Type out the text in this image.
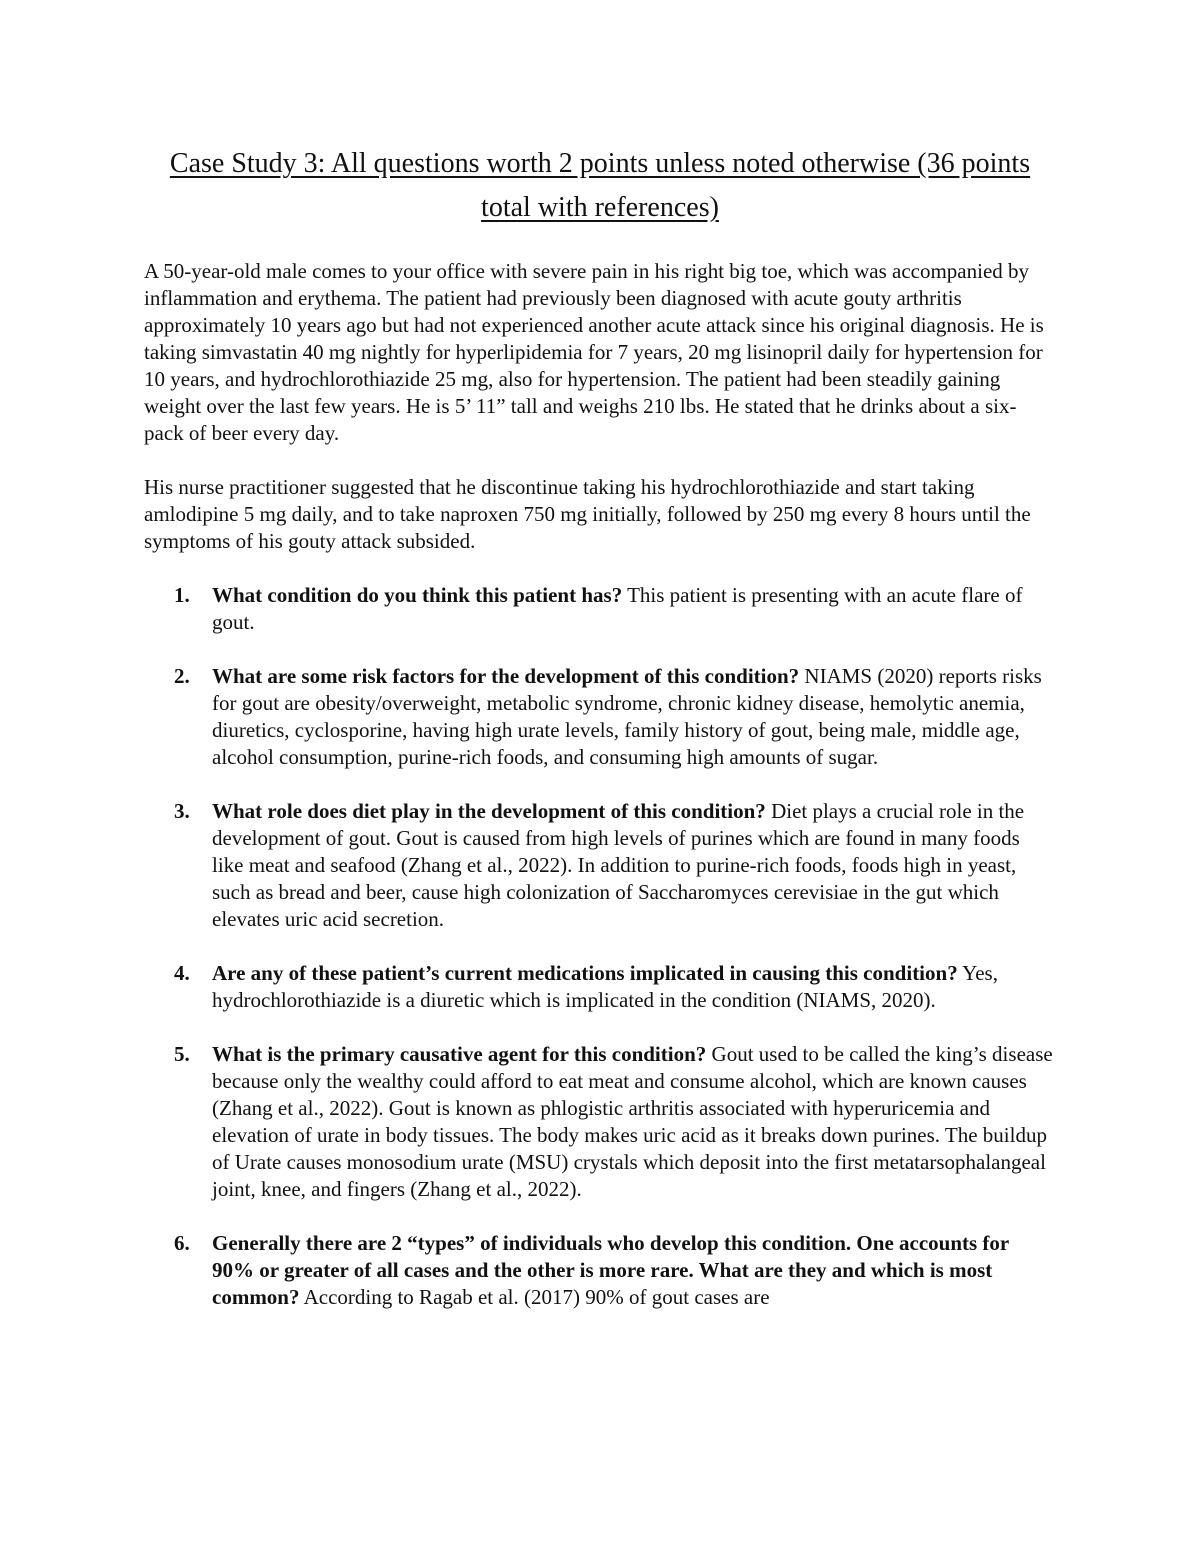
Case Study 3: All questions worth 2 points unless noted otherwise (36 points total with references)

A 50-year-old male comes to your office with severe pain in his right big toe, which was accompanied by inflammation and erythema. The patient had previously been diagnosed with acute gouty arthritis approximately 10 years ago but had not experienced another acute attack since his original diagnosis. He is taking simvastatin 40 mg nightly for hyperlipidemia for 7 years, 20 mg lisinopril daily for hypertension for 10 years, and hydrochlorothiazide 25 mg, also for hypertension. The patient had been steadily gaining weight over the last few years. He is 5’ 11” tall and weighs 210 lbs. He stated that he drinks about a six-pack of beer every day.

His nurse practitioner suggested that he discontinue taking his hydrochlorothiazide and start taking amlodipine 5 mg daily, and to take naproxen 750 mg initially, followed by 250 mg every 8 hours until the symptoms of his gouty attack subsided.

1. What condition do you think this patient has? This patient is presenting with an acute flare of gout.
2. What are some risk factors for the development of this condition? NIAMS (2020) reports risks for gout are obesity/overweight, metabolic syndrome, chronic kidney disease, hemolytic anemia, diuretics, cyclosporine, having high urate levels, family history of gout, being male, middle age, alcohol consumption, purine-rich foods, and consuming high amounts of sugar.
3. What role does diet play in the development of this condition? Diet plays a crucial role in the development of gout. Gout is caused from high levels of purines which are found in many foods like meat and seafood (Zhang et al., 2022). In addition to purine-rich foods, foods high in yeast, such as bread and beer, cause high colonization of Saccharomyces cerevisiae in the gut which elevates uric acid secretion.
4. Are any of these patient’s current medications implicated in causing this condition? Yes, hydrochlorothiazide is a diuretic which is implicated in the condition (NIAMS, 2020).
5. What is the primary causative agent for this condition? Gout used to be called the king’s disease because only the wealthy could afford to eat meat and consume alcohol, which are known causes (Zhang et al., 2022). Gout is known as phlogistic arthritis associated with hyperuricemia and elevation of urate in body tissues. The body makes uric acid as it breaks down purines. The buildup of Urate causes monosodium urate (MSU) crystals which deposit into the first metatarsophalangeal joint, knee, and fingers (Zhang et al., 2022).
6. Generally there are 2 “types” of individuals who develop this condition. One accounts for 90% or greater of all cases and the other is more rare. What are they and which is most common? According to Ragab et al. (2017) 90% of gout cases are
